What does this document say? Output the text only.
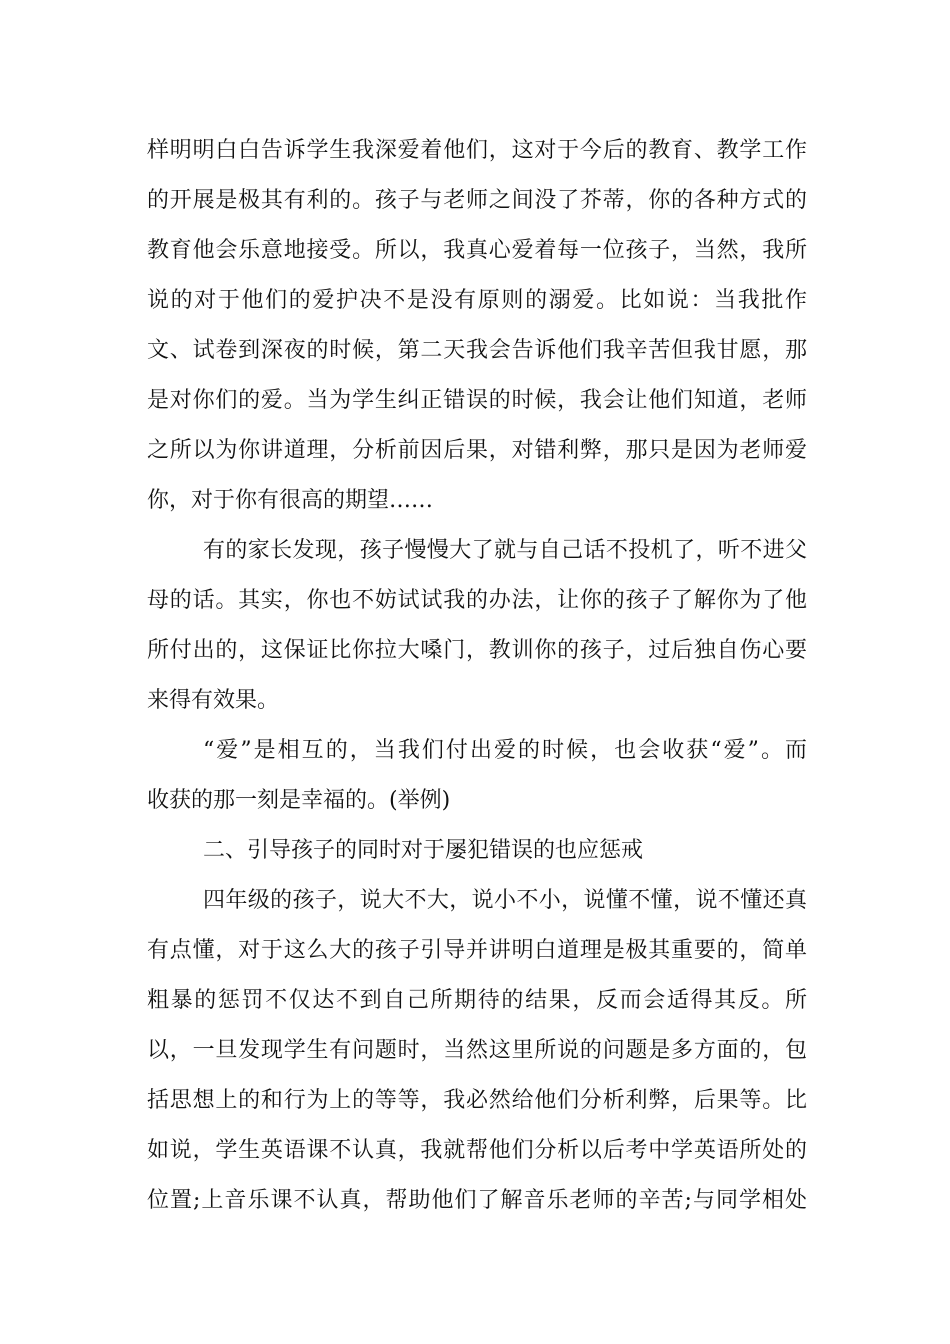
样明明白白告诉学生我深爱着他们，这对于今后的教育、教学工作
的开展是极其有利的。孩子与老师之间没了芥蒂，你的各种方式的
教育他会乐意地接受。所以，我真心爱着每一位孩子，当然，我所
说的对于他们的爱护决不是没有原则的溺爱。比如说：当我批作
文、试卷到深夜的时候，第二天我会告诉他们我辛苦但我甘愿，那
是对你们的爱。当为学生纠正错误的时候，我会让他们知道，老师
之所以为你讲道理，分析前因后果，对错利弊，那只是因为老师爱
你，对于你有很高的期望……
有的家长发现，孩子慢慢大了就与自己话不投机了，听不进父
母的话。其实，你也不妨试试我的办法，让你的孩子了解你为了他
所付出的，这保证比你拉大嗓门，教训你的孩子，过后独自伤心要
来得有效果。
“爱”是相互的，当我们付出爱的时候，也会收获“爱”。而
收获的那一刻是幸福的。(举例)
二、引导孩子的同时对于屡犯错误的也应惩戒
四年级的孩子，说大不大，说小不小，说懂不懂，说不懂还真
有点懂，对于这么大的孩子引导并讲明白道理是极其重要的，简单
粗暴的惩罚不仅达不到自己所期待的结果，反而会适得其反。所
以，一旦发现学生有问题时，当然这里所说的问题是多方面的，包
括思想上的和行为上的等等，我必然给他们分析利弊，后果等。比
如说，学生英语课不认真，我就帮他们分析以后考中学英语所处的
位置;上音乐课不认真，帮助他们了解音乐老师的辛苦;与同学相处
